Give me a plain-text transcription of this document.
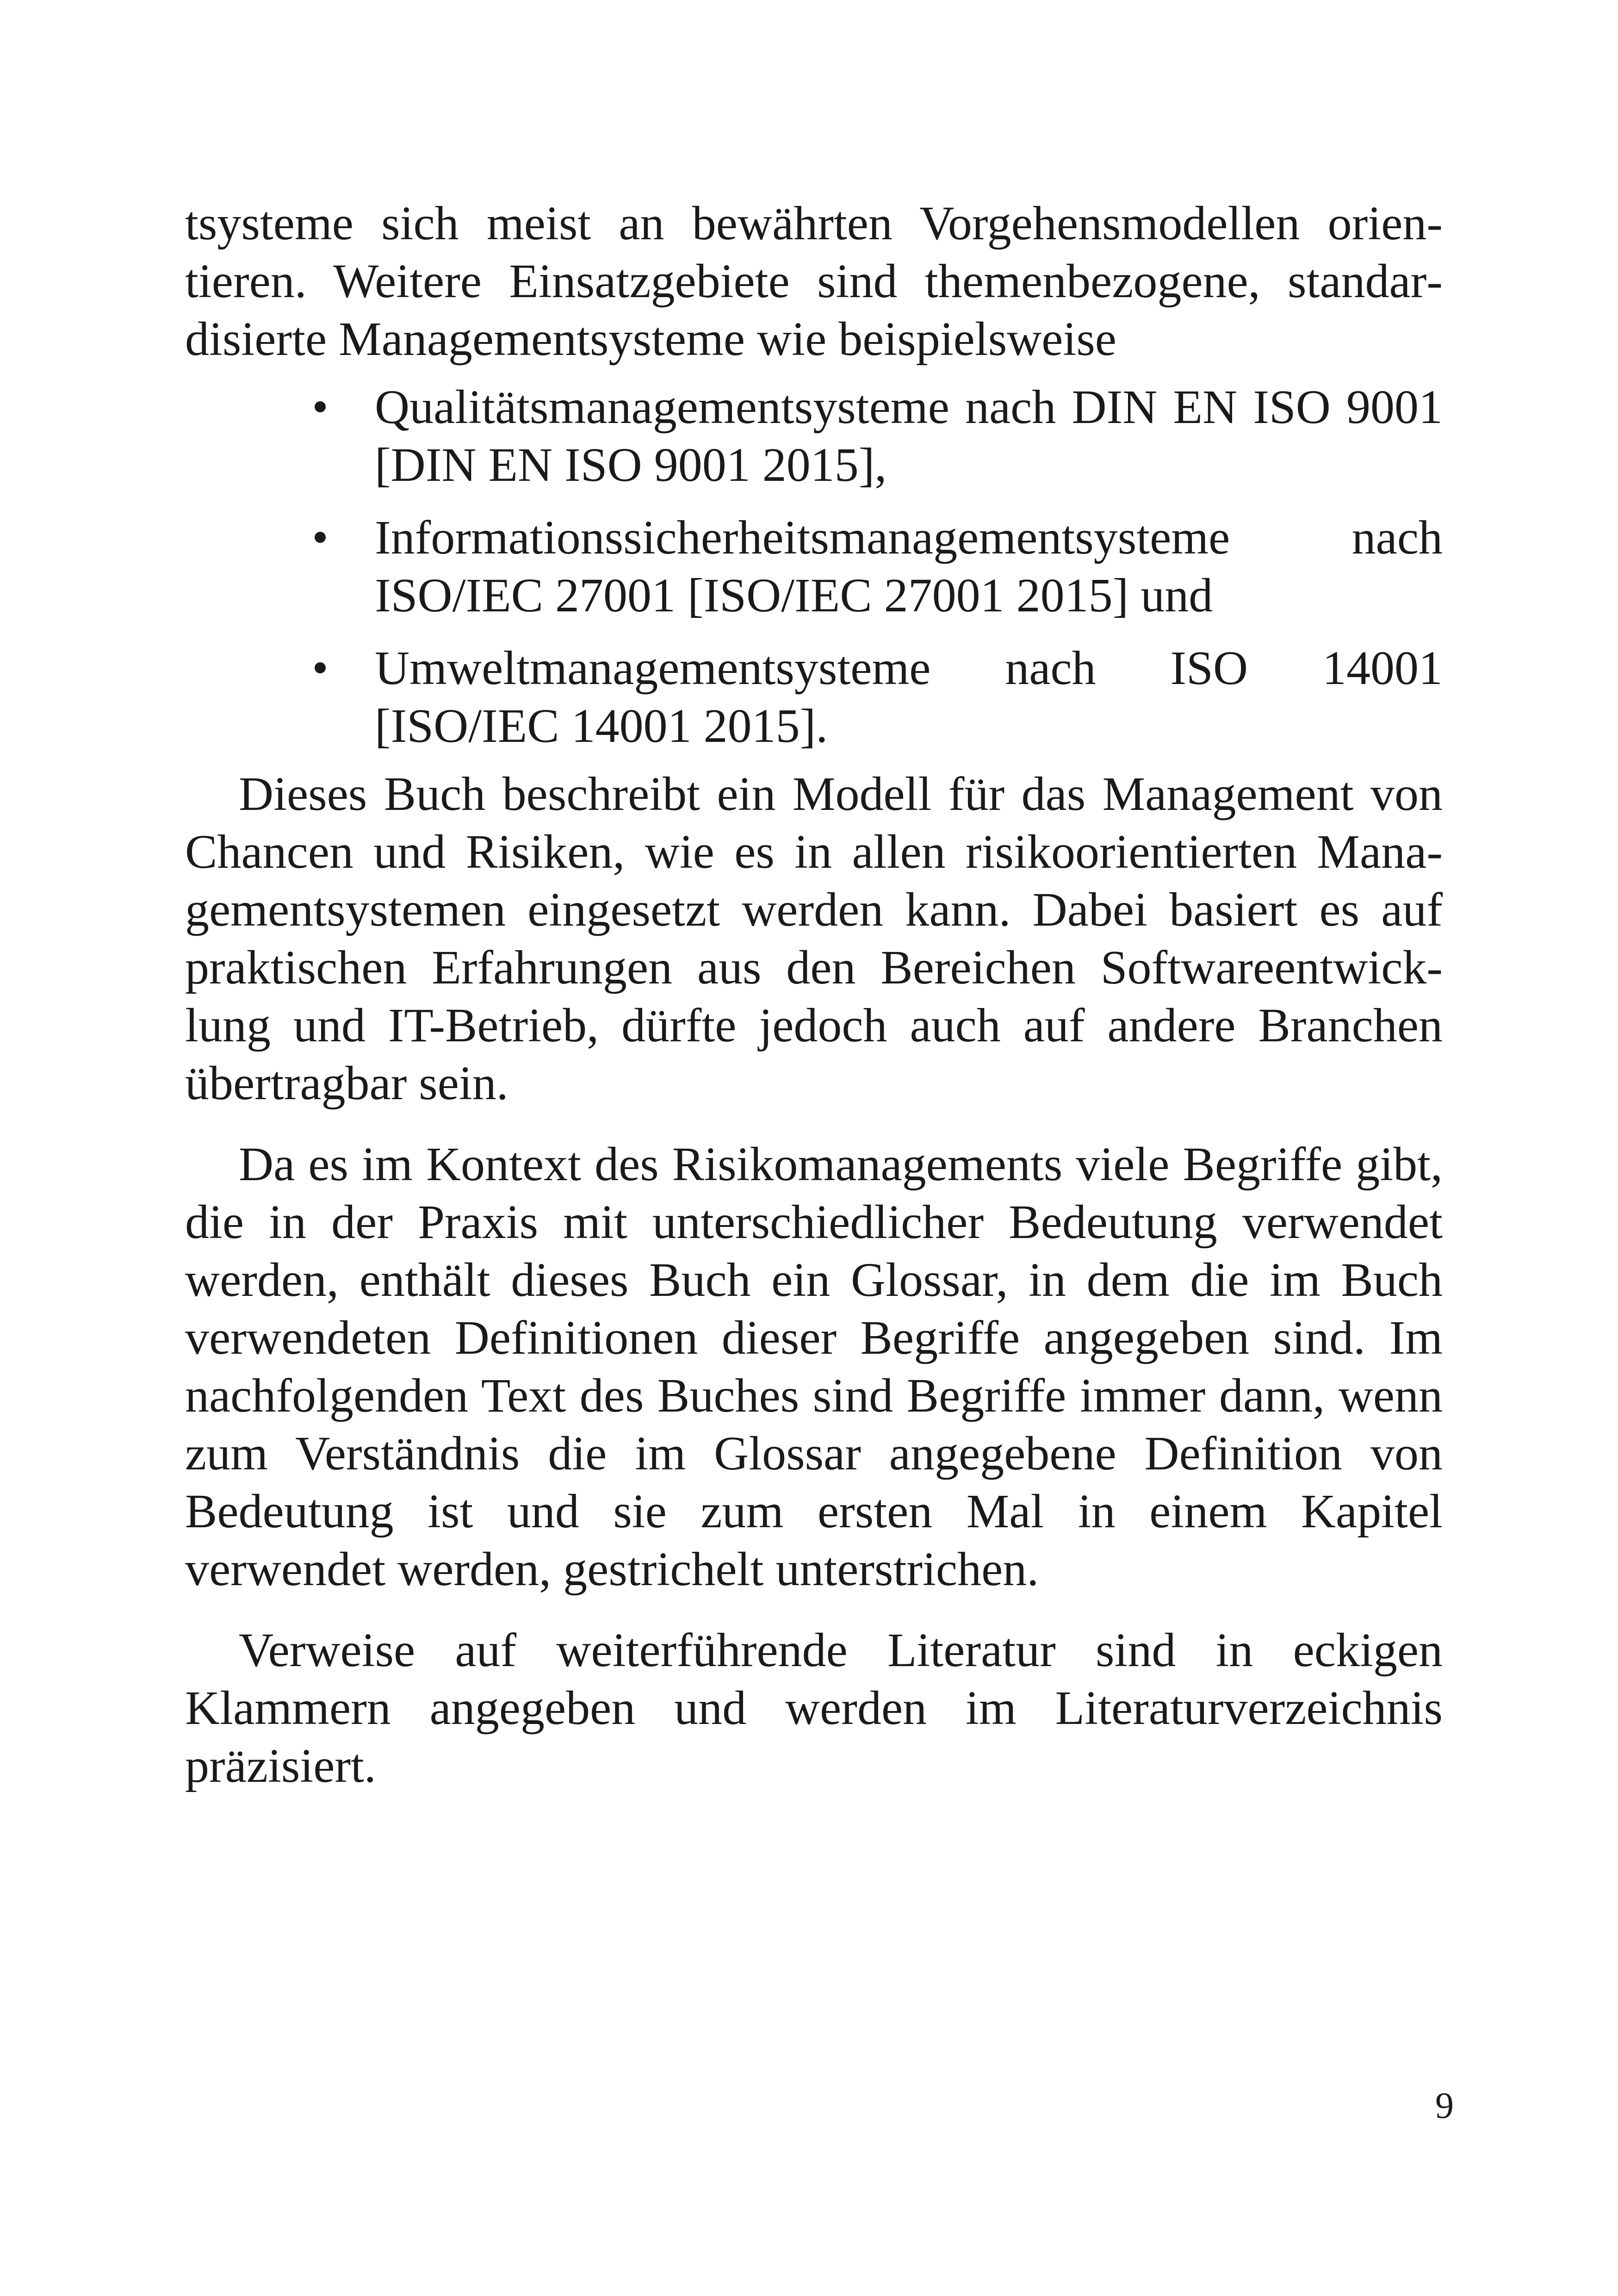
tsysteme sich meist an bewährten Vorgehensmodellen orientieren. Weitere Einsatzgebiete sind themenbezogene, standardisierte Managementsysteme wie beispielsweise

Qualitätsmanagementsysteme nach DIN EN ISO 9001 [DIN EN ISO 9001 2015],
Informationssicherheitsmanagementsysteme nach ISO/IEC 27001 [ISO/IEC 27001 2015] und
Umweltmanagementsysteme nach ISO 14001 [ISO/IEC 14001 2015].

Dieses Buch beschreibt ein Modell für das Management von Chancen und Risiken, wie es in allen risikoorientierten Managementsystemen eingesetzt werden kann. Dabei basiert es auf praktischen Erfahrungen aus den Bereichen Softwareentwicklung und IT-Betrieb, dürfte jedoch auch auf andere Branchen übertragbar sein.

Da es im Kontext des Risikomanagements viele Begriffe gibt, die in der Praxis mit unterschiedlicher Bedeutung verwendet werden, enthält dieses Buch ein Glossar, in dem die im Buch verwendeten Definitionen dieser Begriffe angegeben sind. Im nachfolgenden Text des Buches sind Begriffe immer dann, wenn zum Verständnis die im Glossar angegebene Definition von Bedeutung ist und sie zum ersten Mal in einem Kapitel verwendet werden, gestrichelt unterstrichen.

Verweise auf weiterführende Literatur sind in eckigen Klammern angegeben und werden im Literaturverzeichnis präzisiert.

9
